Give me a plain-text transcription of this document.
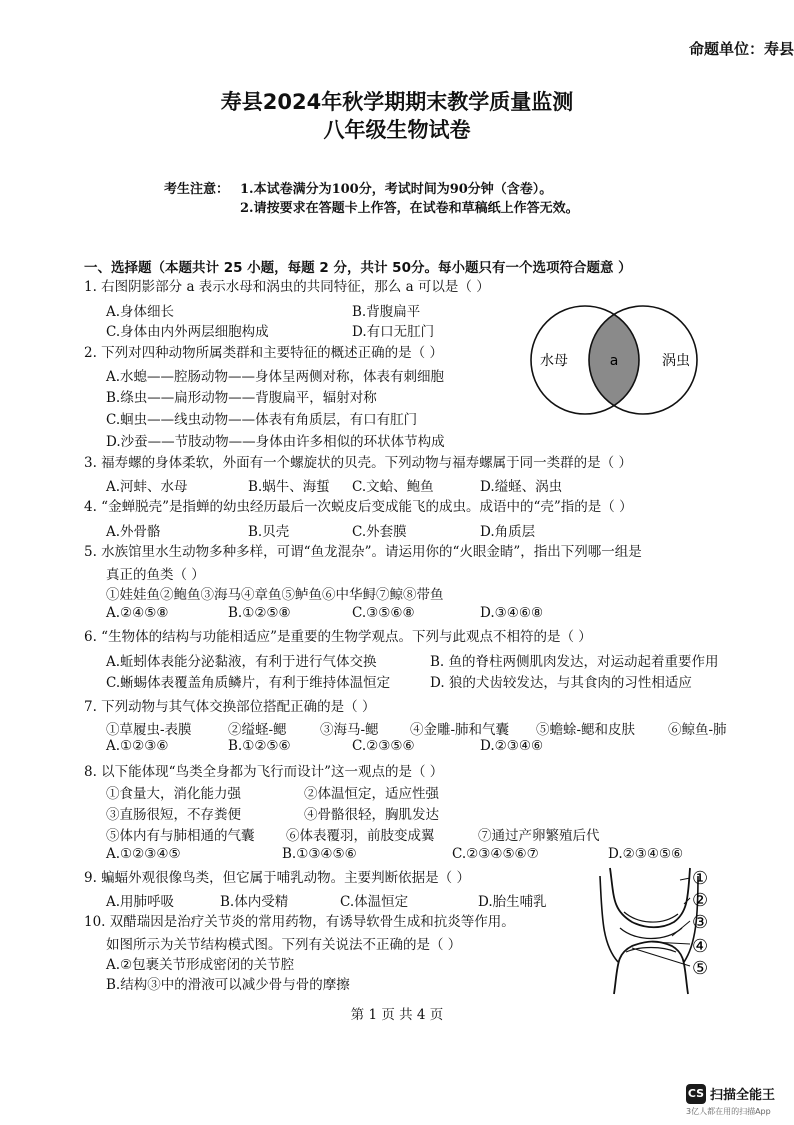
命题单位：寿县
寿县2024年秋学期期末教学质量监测
八年级生物试卷
考生注意： 1.本试卷满分为100分，考试时间为90分钟（含卷）。
2.请按要求在答题卡上作答，在试卷和草稿纸上作答无效。
一、选择题（本题共计 25 小题，每题 2 分，共计 50分。每小题只有一个选项符合题意 ）
1. 右图阴影部分 a 表示水母和涡虫的共同特征，那么 a 可以是（ ）
A.身体细长	B.背腹扁平
C.身体由内外两层细胞构成	D.有口无肛门
水母	a	涡虫
2. 下列对四种动物所属类群和主要特征的概述正确的是（ ）
A.水螅——腔肠动物——身体呈两侧对称，体表有刺细胞
B.绦虫——扁形动物——背腹扁平，辐射对称
C.蛔虫——线虫动物——体表有角质层，有口有肛门
D.沙蚕——节肢动物——身体由许多相似的环状体节构成
3. 福寿螺的身体柔软，外面有一个螺旋状的贝壳。下列动物与福寿螺属于同一类群的是（ ）
A.河蚌、水母	B.蜗牛、海蜇 C.文蛤、鲍鱼	D.缢蛏、涡虫
4. “金蝉脱壳”是指蝉的幼虫经历最后一次蜕皮后变成能飞的成虫。成语中的“壳”指的是（ ）
A.外骨骼	B.贝壳	C.外套膜	D.角质层
5. 水族馆里水生动物多种多样，可谓“鱼龙混杂”。请运用你的“火眼金睛”，指出下列哪一组是
真正的鱼类（ ）
①娃娃鱼②鲍鱼③海马④章鱼⑤鲈鱼⑥中华鲟⑦鲸⑧带鱼
A.②④⑤⑧	B.①②⑤⑧	C.③⑤⑥⑧	D.③④⑥⑧
6. “生物体的结构与功能相适应”是重要的生物学观点。下列与此观点不相符的是（ ）
A.蚯蚓体表能分泌黏液，有利于进行气体交换	B. 鱼的脊柱两侧肌肉发达，对运动起着重要作用
C.蜥蜴体表覆盖角质鳞片，有利于维持体温恒定	D. 狼的犬齿较发达，与其食肉的习性相适应
7. 下列动物与其气体交换部位搭配正确的是（ ）
①草履虫-表膜	②缢蛏-鳃 ③海马-鳃 ④金雕-肺和气囊 ⑤蟾蜍-鳃和皮肤 ⑥鲸鱼-肺
A.①②③⑥	B.①②⑤⑥	C.②③⑤⑥	D.②③④⑥
8. 以下能体现“鸟类全身都为飞行而设计”这一观点的是（ ）
①食量大，消化能力强	②体温恒定，适应性强
③直肠很短，不存粪便	④骨骼很轻，胸肌发达
⑤体内有与肺相通的气囊 ⑥体表覆羽，前肢变成翼	⑦通过产卵繁殖后代
A.①②③④⑤	B.①③④⑤⑥	C.②③④⑤⑥⑦	D.②③④⑤⑥
9. 蝙蝠外观很像鸟类，但它属于哺乳动物。主要判断依据是（ ）
A.用肺呼吸	B.体内受精	C.体温恒定	D.胎生哺乳
10. 双醋瑞因是治疗关节炎的常用药物，有诱导软骨生成和抗炎等作用。
如图所示为关节结构模式图。下列有关说法不正确的是（ ）
A.②包裹关节形成密闭的关节腔
B.结构③中的滑液可以减少骨与骨的摩擦
①
②
③
④
⑤
第 1 页 共 4 页
CS 扫描全能王
3亿人都在用的扫描App
